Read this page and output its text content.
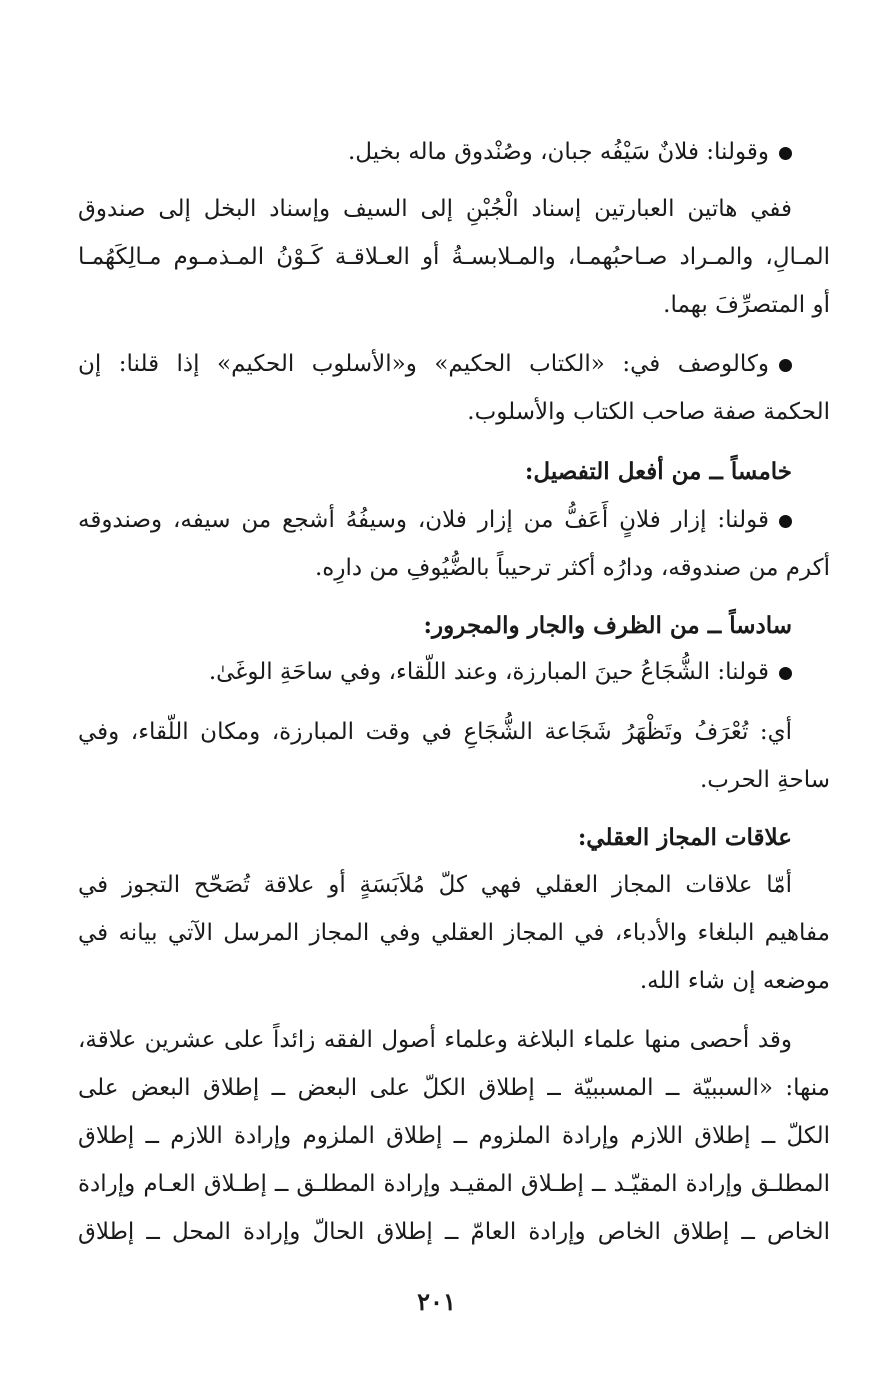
وقولنا: فلانٌ سَيْفُه جبان، وصُنْدوق ماله بخيل.
ففي هاتين العبارتين إسناد الْجُبْنِ إلى السيف وإسناد البخل إلى صندوق
المـالِ، والمـراد صـاحبُهمـا، والمـلابسـةُ أو العـلاقـة كَـوْنُ المـذمـوم مـالِكَهُمـا
أو المتصرِّفَ بهما.
وكالوصف في: «الكتاب الحكيم» و«الأسلوب الحكيم» إذا قلنا: إن
الحكمة صفة صاحب الكتاب والأسلوب.
خامساً ــ من أفعل التفصيل:
قولنا: إزار فلانٍ أَعَفُّ من إزار فلان، وسيفُهُ أشجع من سيفه، وصندوقه
أكرم من صندوقه، ودارُه أكثر ترحيباً بالضُّيُوفِ من دارِه.
سادساً ــ من الظرف والجار والمجرور:
قولنا: الشُّجَاعُ حينَ المبارزة، وعند اللّقاء، وفي ساحَةِ الوغَىٰ.
أي: تُعْرَفُ وتَظْهَرُ شَجَاعة الشُّجَاعِ في وقت المبارزة، ومكان اللّقاء، وفي
ساحةِ الحرب.
علاقات المجاز العقلي:
أمّا علاقات المجاز العقلي فهي كلّ مُلاَبَسَةٍ أو علاقة تُصَحّح التجوز في
مفاهيم البلغاء والأدباء، في المجاز العقلي وفي المجاز المرسل الآتي بيانه في
موضعه إن شاء الله.
وقد أحصى منها علماء البلاغة وعلماء أصول الفقه زائداً على عشرين علاقة،
منها: «السببيّة ــ المسببيّة ــ إطلاق الكلّ على البعض ــ إطلاق البعض على
الكلّ ــ إطلاق اللازم وإرادة الملزوم ــ إطلاق الملزوم وإرادة اللازم ــ إطلاق
المطلـق وإرادة المقيّـد ــ إطـلاق المقيـد وإرادة المطلـق ــ إطـلاق العـام وإرادة
الخاص ــ إطلاق الخاص وإرادة العامّ ــ إطلاق الحالّ وإرادة المحل ــ إطلاق
٢٠١
